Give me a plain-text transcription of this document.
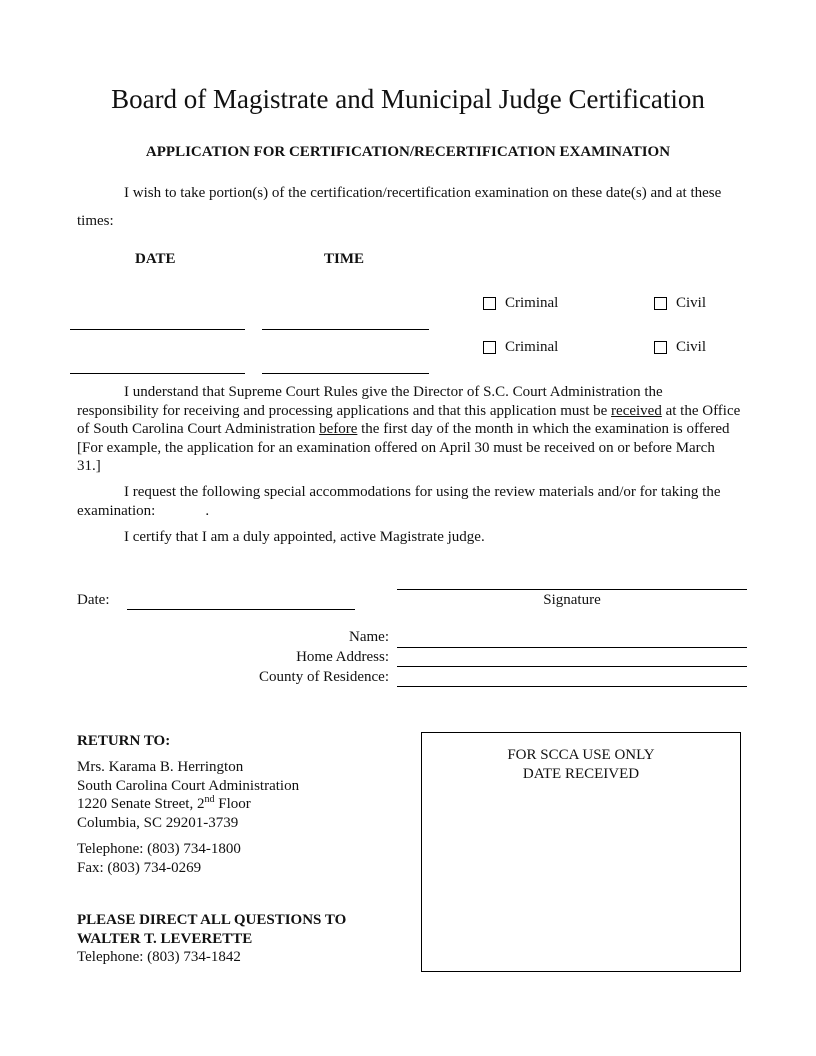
Board of Magistrate and Municipal Judge Certification
APPLICATION FOR CERTIFICATION/RECERTIFICATION EXAMINATION
I wish to take portion(s) of the certification/recertification examination on these date(s) and at these times:
DATE	TIME
Criminal	Civil
Criminal	Civil
I understand that Supreme Court Rules give the Director of S.C. Court Administration the responsibility for receiving and processing applications and that this application must be received at the Office of South Carolina Court Administration before the first day of the month in which the examination is offered [For example, the application for an examination offered on April 30 must be received on or before March 31.]
I request the following special accommodations for using the review materials and/or for taking the examination:	.
I certify that I am a duly appointed, active Magistrate judge.
Signature
Date:
Name:
Home Address:
County of Residence:
RETURN TO:
Mrs. Karama B. Herrington
South Carolina Court Administration
1220 Senate Street, 2nd Floor
Columbia, SC 29201-3739
Telephone: (803) 734-1800
Fax: (803) 734-0269
PLEASE DIRECT ALL QUESTIONS TO
WALTER T. LEVERETTE
Telephone: (803) 734-1842
FOR SCCA USE ONLY
DATE RECEIVED
